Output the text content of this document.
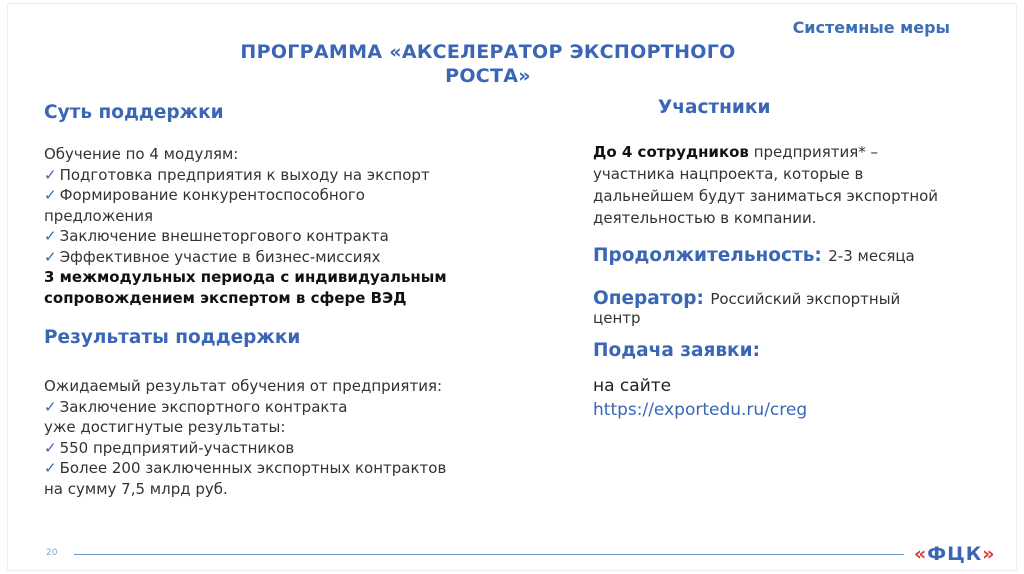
Системные меры
ПРОГРАММА «АКСЕЛЕРАТОР ЭКСПОРТНОГО
РОСТА»
Суть поддержки
Обучение по 4 модулям:
✓ Подготовка предприятия к выходу на экспорт
✓ Формирование конкурентоспособного
предложения
✓ Заключение внешнеторгового контракта
✓ Эффективное участие в бизнес-миссиях
3 межмодульных периода с индивидуальным
сопровождением экспертом в сфере ВЭД
Результаты поддержки
Ожидаемый результат обучения от предприятия:
✓ Заключение экспортного контракта
уже достигнутые результаты:
✓ 550 предприятий-участников
✓ Более 200 заключенных экспортных контрактов
на сумму 7,5 млрд руб.
Участники
До 4 сотрудников предприятия* –
участника нацпроекта, которые в
дальнейшем будут заниматься экспортной
деятельностью в компании.
Продолжительность: 2-3 месяца
Оператор: Российский экспортный
центр
Подача заявки:
на сайте
https://exportedu.ru/creg
20	«ФЦК»
